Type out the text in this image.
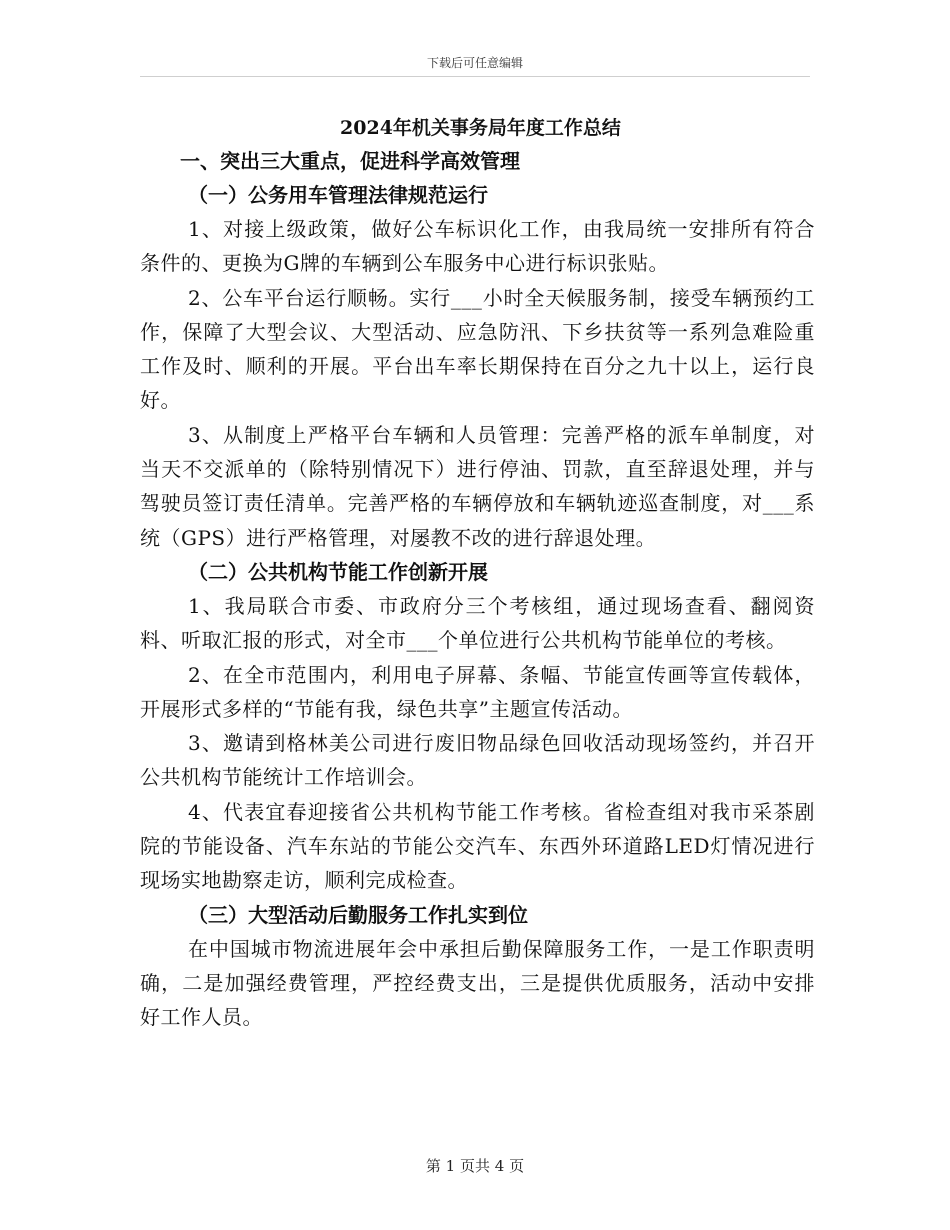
下载后可任意编辑
2024年机关事务局年度工作总结
一、突出三大重点，促进科学高效管理
（一）公务用车管理法律规范运行

1、对接上级政策，做好公车标识化工作，由我局统一安排所有符合条件的、更换为G牌的车辆到公车服务中心进行标识张贴。

2、公车平台运行顺畅。实行___小时全天候服务制，接受车辆预约工作，保障了大型会议、大型活动、应急防汛、下乡扶贫等一系列急难险重工作及时、顺利的开展。平台出车率长期保持在百分之九十以上，运行良好。

3、从制度上严格平台车辆和人员管理：完善严格的派车单制度，对当天不交派单的（除特别情况下）进行停油、罚款，直至辞退处理，并与驾驶员签订责任清单。完善严格的车辆停放和车辆轨迹巡查制度，对___系统（GPS）进行严格管理，对屡教不改的进行辞退处理。

（二）公共机构节能工作创新开展

1、我局联合市委、市政府分三个考核组，通过现场查看、翻阅资料、听取汇报的形式，对全市___个单位进行公共机构节能单位的考核。

2、在全市范围内，利用电子屏幕、条幅、节能宣传画等宣传载体，开展形式多样的“节能有我，绿色共享”主题宣传活动。

3、邀请到格林美公司进行废旧物品绿色回收活动现场签约，并召开公共机构节能统计工作培训会。

4、代表宜春迎接省公共机构节能工作考核。省检查组对我市采茶剧院的节能设备、汽车东站的节能公交汽车、东西外环道路LED灯情况进行现场实地勘察走访，顺利完成检查。

（三）大型活动后勤服务工作扎实到位

在中国城市物流进展年会中承担后勤保障服务工作，一是工作职责明确，二是加强经费管理，严控经费支出，三是提供优质服务，活动中安排好工作人员。

第 1 页共 4 页
